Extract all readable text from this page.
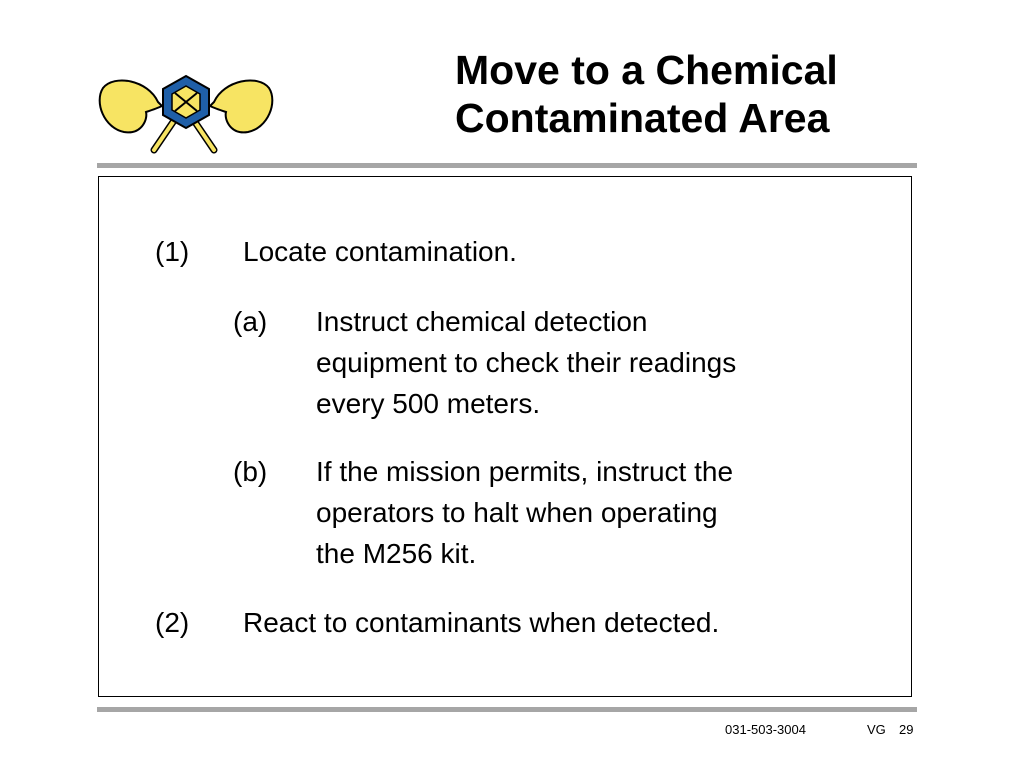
Move to a Chemical
Contaminated Area
(1) Locate contamination.
(a) Instruct chemical detection
equipment to check their readings
every 500 meters.
(b) If the mission permits, instruct the
operators to halt when operating
the M256 kit.
(2) React to contaminants when detected.
031-503-3004	VG 29
